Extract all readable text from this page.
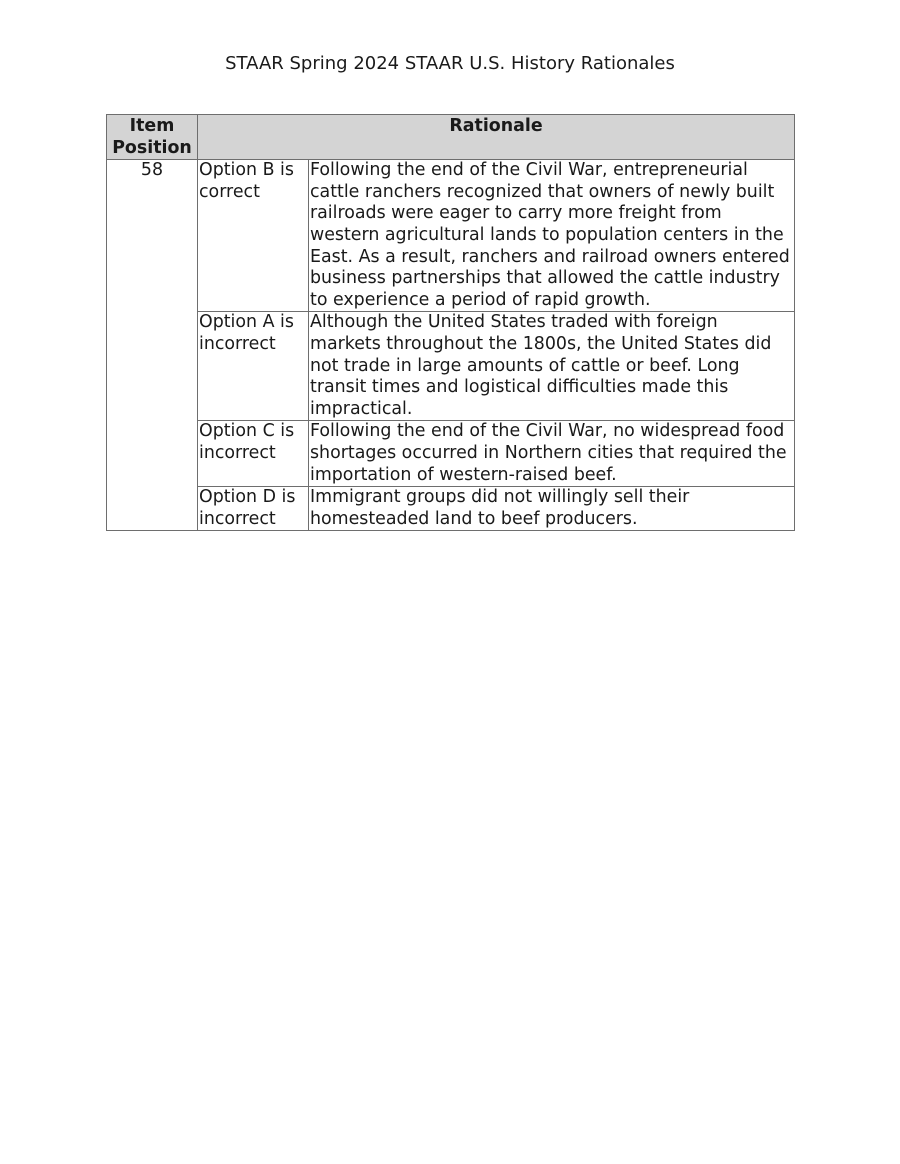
STAAR Spring 2024 STAAR U.S. History Rationales
Item Position	Rationale	
58	Option B is correct	Following the end of the Civil War, entrepreneurial cattle ranchers recognized that owners of newly built railroads were eager to carry more freight from western agricultural lands to population centers in the East. As a result, ranchers and railroad owners entered business partnerships that allowed the cattle industry to experience a period of rapid growth.
	Option A is incorrect	Although the United States traded with foreign markets throughout the 1800s, the United States did not trade in large amounts of cattle or beef. Long transit times and logistical difficulties made this impractical.
	Option C is incorrect	Following the end of the Civil War, no widespread food shortages occurred in Northern cities that required the importation of western-raised beef.
	Option D is incorrect	Immigrant groups did not willingly sell their homesteaded land to beef producers.
